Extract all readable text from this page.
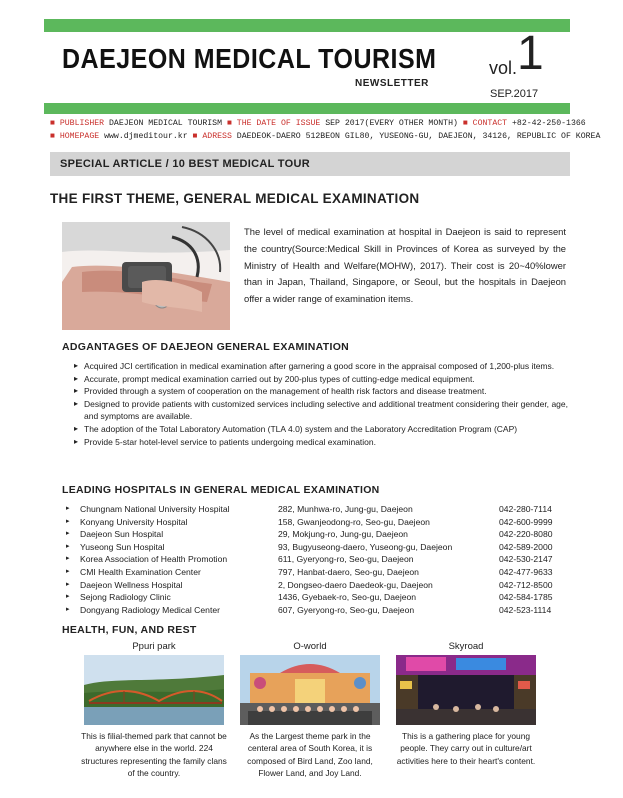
DAEJEON MEDICAL TOURISM
NEWSLETTER
vol. 1
SEP.2017
■ PUBLISHER DAEJEON MEDICAL TOURISM ■ THE DATE OF ISSUE SEP 2017(EVERY OTHER MONTH) ■ CONTACT +82-42-250-1366
■ HOMEPAGE www.djmeditour.kr ■ ADRESS DAEDEOK-DAERO 512BEON GIL80, YUSEONG-GU, DAEJEON, 34126, REPUBLIC OF KOREA
SPECIAL ARTICLE / 10 BEST MEDICAL TOUR
THE FIRST THEME, GENERAL MEDICAL EXAMINATION
The level of medical examination at hospital in Daejeon is said to represent the country(Source:Medical Skill in Provinces of Korea as surveyed by the Ministry of Health and Welfare(MOHW), 2017). Their cost is 20~40%lower than in Japan, Thailand, Singapore, or Seoul, but the hospitals in Daejeon offer a wider range of examination items.
ADGANTAGES OF DAEJEON GENERAL EXAMINATION
▸ Acquired JCI certification in medical examination after garnering a good score in the appraisal composed of 1,200-plus items.
▸ Accurate, prompt medical examination carried out by 200-plus types of cutting-edge medical equipment.
▸ Provided through a system of cooperation on the management of health risk factors and disease treatment.
▸ Designed to provide patients with customized services including selective and additional treatment considering their gender, age, and symptoms are available.
▸ The adoption of the Total Laboratory Automation (TLA 4.0) system and the Laboratory Accreditation Program (CAP)
▸ Provide 5-star hotel-level service to patients undergoing medical examination.
LEADING HOSPITALS IN GENERAL MEDICAL EXAMINATION
▸ Chungnam National University Hospital	282, Munhwa-ro, Jung-gu, Daejeon	042-280-7114
▸ Konyang University Hospital	158, Gwanjeodong-ro, Seo-gu, Daejeon	042-600-9999
▸ Daejeon Sun Hospital	29, Mokjung-ro, Jung-gu, Daejeon	042-220-8080
▸ Yuseong Sun Hospital	93, Bugyuseong-daero, Yuseong-gu, Daejeon	042-589-2000
▸ Korea Association of Health Promotion	611, Gyeryong-ro, Seo-gu, Daejeon	042-530-2147
▸ CMI Health Examination Center	797, Hanbat-daero, Seo-gu, Daejeon	042-477-9633
▸ Daejeon Wellness Hospital	2, Dongseo-daero Daedeok-gu, Daejeon	042-712-8500
▸ Sejong Radiology Clinic	1436, Gyebaek-ro, Seo-gu, Daejeon	042-584-1785
▸ Dongyang Radiology Medical Center	607, Gyeryong-ro, Seo-gu, Daejeon	042-523-1114
HEALTH, FUN, AND REST
Ppuri park
This is filial-themed park that cannot be anywhere else in the world. 224 structures representing the family clans of the country.
O-world
As the Largest theme park in the centeral area of South Korea, it is composed of Bird Land, Zoo land, Flower Land, and Joy Land.
Skyroad
This is a gathering place for young people. They carry out in culture/art activities here to their heart's content.
